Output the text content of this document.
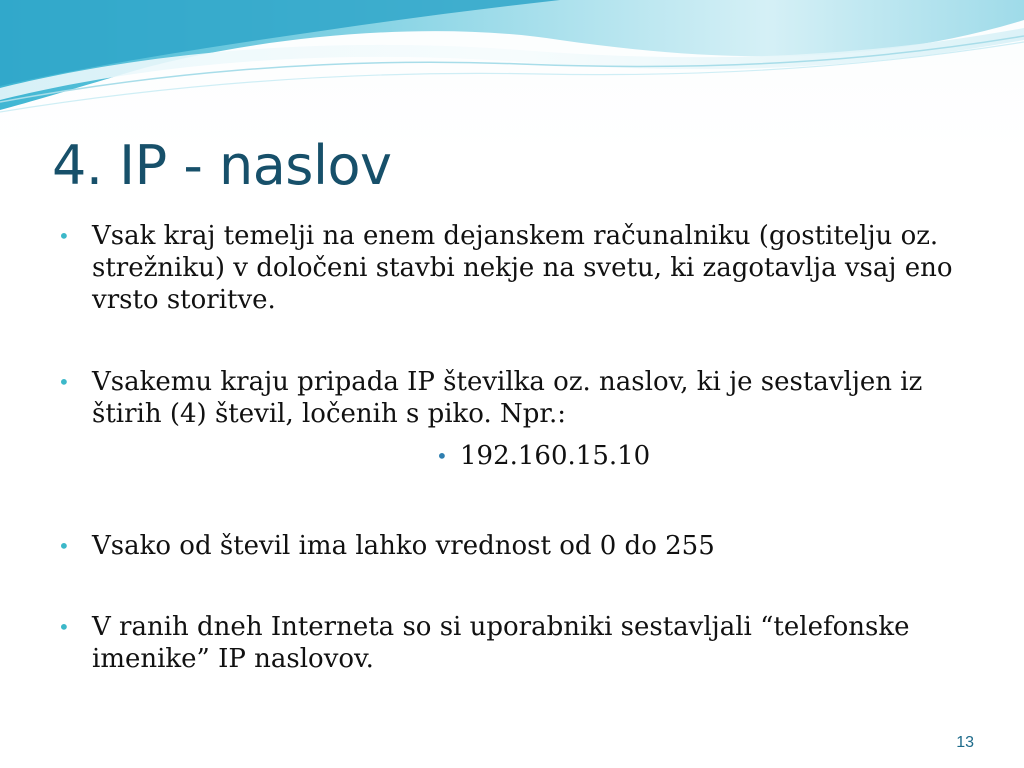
4. IP - naslov
• Vsak kraj temelji na enem dejanskem računalniku (gostitelju oz. strežniku) v določeni stavbi nekje na svetu, ki zagotavlja vsaj eno vrsto storitve.
• Vsakemu kraju pripada IP številka oz. naslov, ki je sestavljen iz štirih (4) števil, ločenih s piko. Npr.:
• 192.160.15.10
• Vsako od števil ima lahko vrednost od 0 do 255
• V ranih dneh Interneta so si uporabniki sestavljali “telefonske imenike” IP naslovov.
13
